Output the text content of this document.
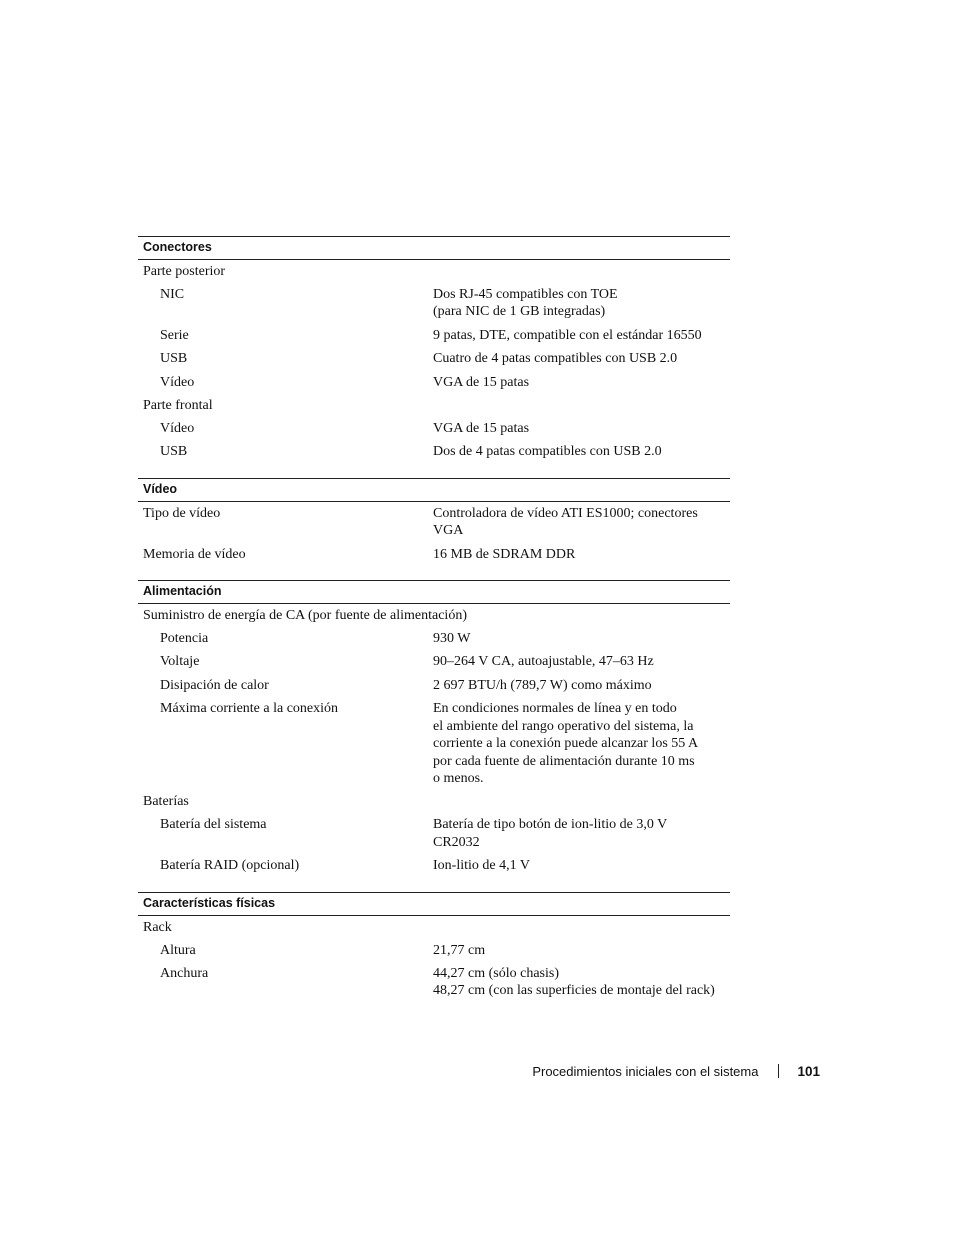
Conectores
Parte posterior
NIC	Dos RJ-45 compatibles con TOE
(para NIC de 1 GB integradas)
Serie	9 patas, DTE, compatible con el estándar 16550
USB	Cuatro de 4 patas compatibles con USB 2.0
Vídeo	VGA de 15 patas
Parte frontal
Vídeo	VGA de 15 patas
USB	Dos de 4 patas compatibles con USB 2.0
Vídeo
Tipo de vídeo	Controladora de vídeo ATI ES1000; conectores
VGA
Memoria de vídeo	16 MB de SDRAM DDR
Alimentación
Suministro de energía de CA (por fuente de alimentación)
Potencia	930 W
Voltaje	90–264 V CA, autoajustable, 47–63 Hz
Disipación de calor	2 697 BTU/h (789,7 W) como máximo
Máxima corriente a la conexión	En condiciones normales de línea y en todo
el ambiente del rango operativo del sistema, la
corriente a la conexión puede alcanzar los 55 A
por cada fuente de alimentación durante 10 ms
o menos.
Baterías
Batería del sistema	Batería de tipo botón de ion-litio de 3,0 V
CR2032
Batería RAID (opcional)	Ion-litio de 4,1 V
Características físicas
Rack
Altura	21,77 cm
Anchura	44,27 cm (sólo chasis)
48,27 cm (con las superficies de montaje del rack)
Procedimientos iniciales con el sistema	101
